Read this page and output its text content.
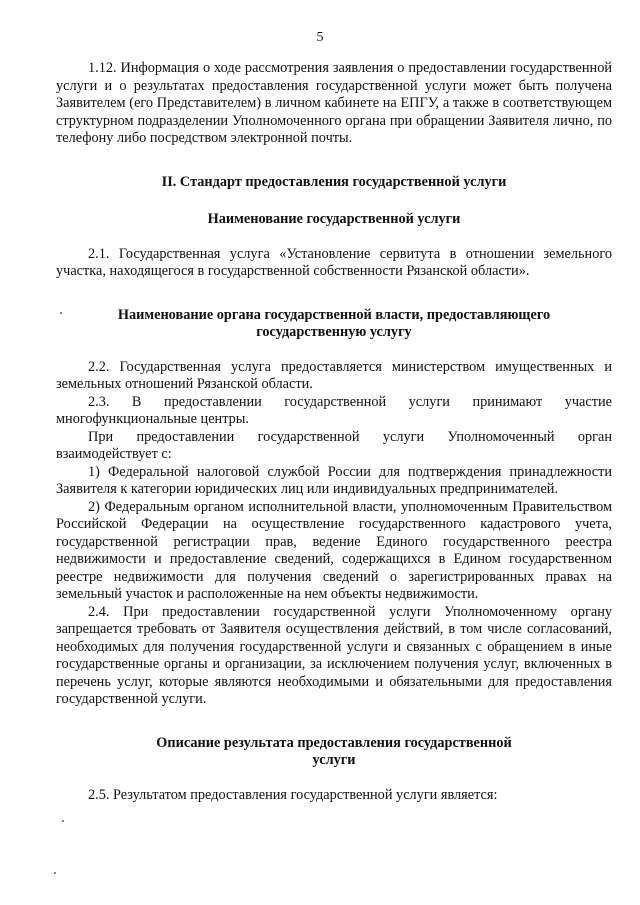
5

1.12. Информация о ходе рассмотрения заявления о предоставлении государственной услуги и о результатах предоставления государственной услуги может быть получена Заявителем (его Представителем) в личном кабинете на ЕПГУ, а также в соответствующем структурном подразделении Уполномоченного органа при обращении Заявителя лично, по телефону либо посредством электронной почты.

II. Стандарт предоставления государственной услуги
Наименование государственной услуги

2.1. Государственная услуга «Установление сервитута в отношении земельного участка, находящегося в государственной собственности Рязанской области».

Наименование органа государственной власти, предоставляющего государственную услугу

2.2. Государственная услуга предоставляется министерством имущественных и земельных отношений Рязанской области.

2.3. В предоставлении государственной услуги принимают участие многофункциональные центры.

При предоставлении государственной услуги Уполномоченный орган взаимодействует с:

1) Федеральной налоговой службой России для подтверждения принадлежности Заявителя к категории юридических лиц или индивидуальных предпринимателей.

2) Федеральным органом исполнительной власти, уполномоченным Правительством Российской Федерации на осуществление государственного кадастрового учета, государственной регистрации прав, ведение Единого государственного реестра недвижимости и предоставление сведений, содержащихся в Едином государственном реестре недвижимости для получения сведений о зарегистрированных правах на земельный участок и расположенные на нем объекты недвижимости.

2.4. При предоставлении государственной услуги Уполномоченному органу запрещается требовать от Заявителя осуществления действий, в том числе согласований, необходимых для получения государственной услуги и связанных с обращением в иные государственные органы и организации, за исключением получения услуг, включенных в перечень услуг, которые являются необходимыми и обязательными для предоставления государственной услуги.

Описание результата предоставления государственной услуги

2.5. Результатом предоставления государственной услуги является:
